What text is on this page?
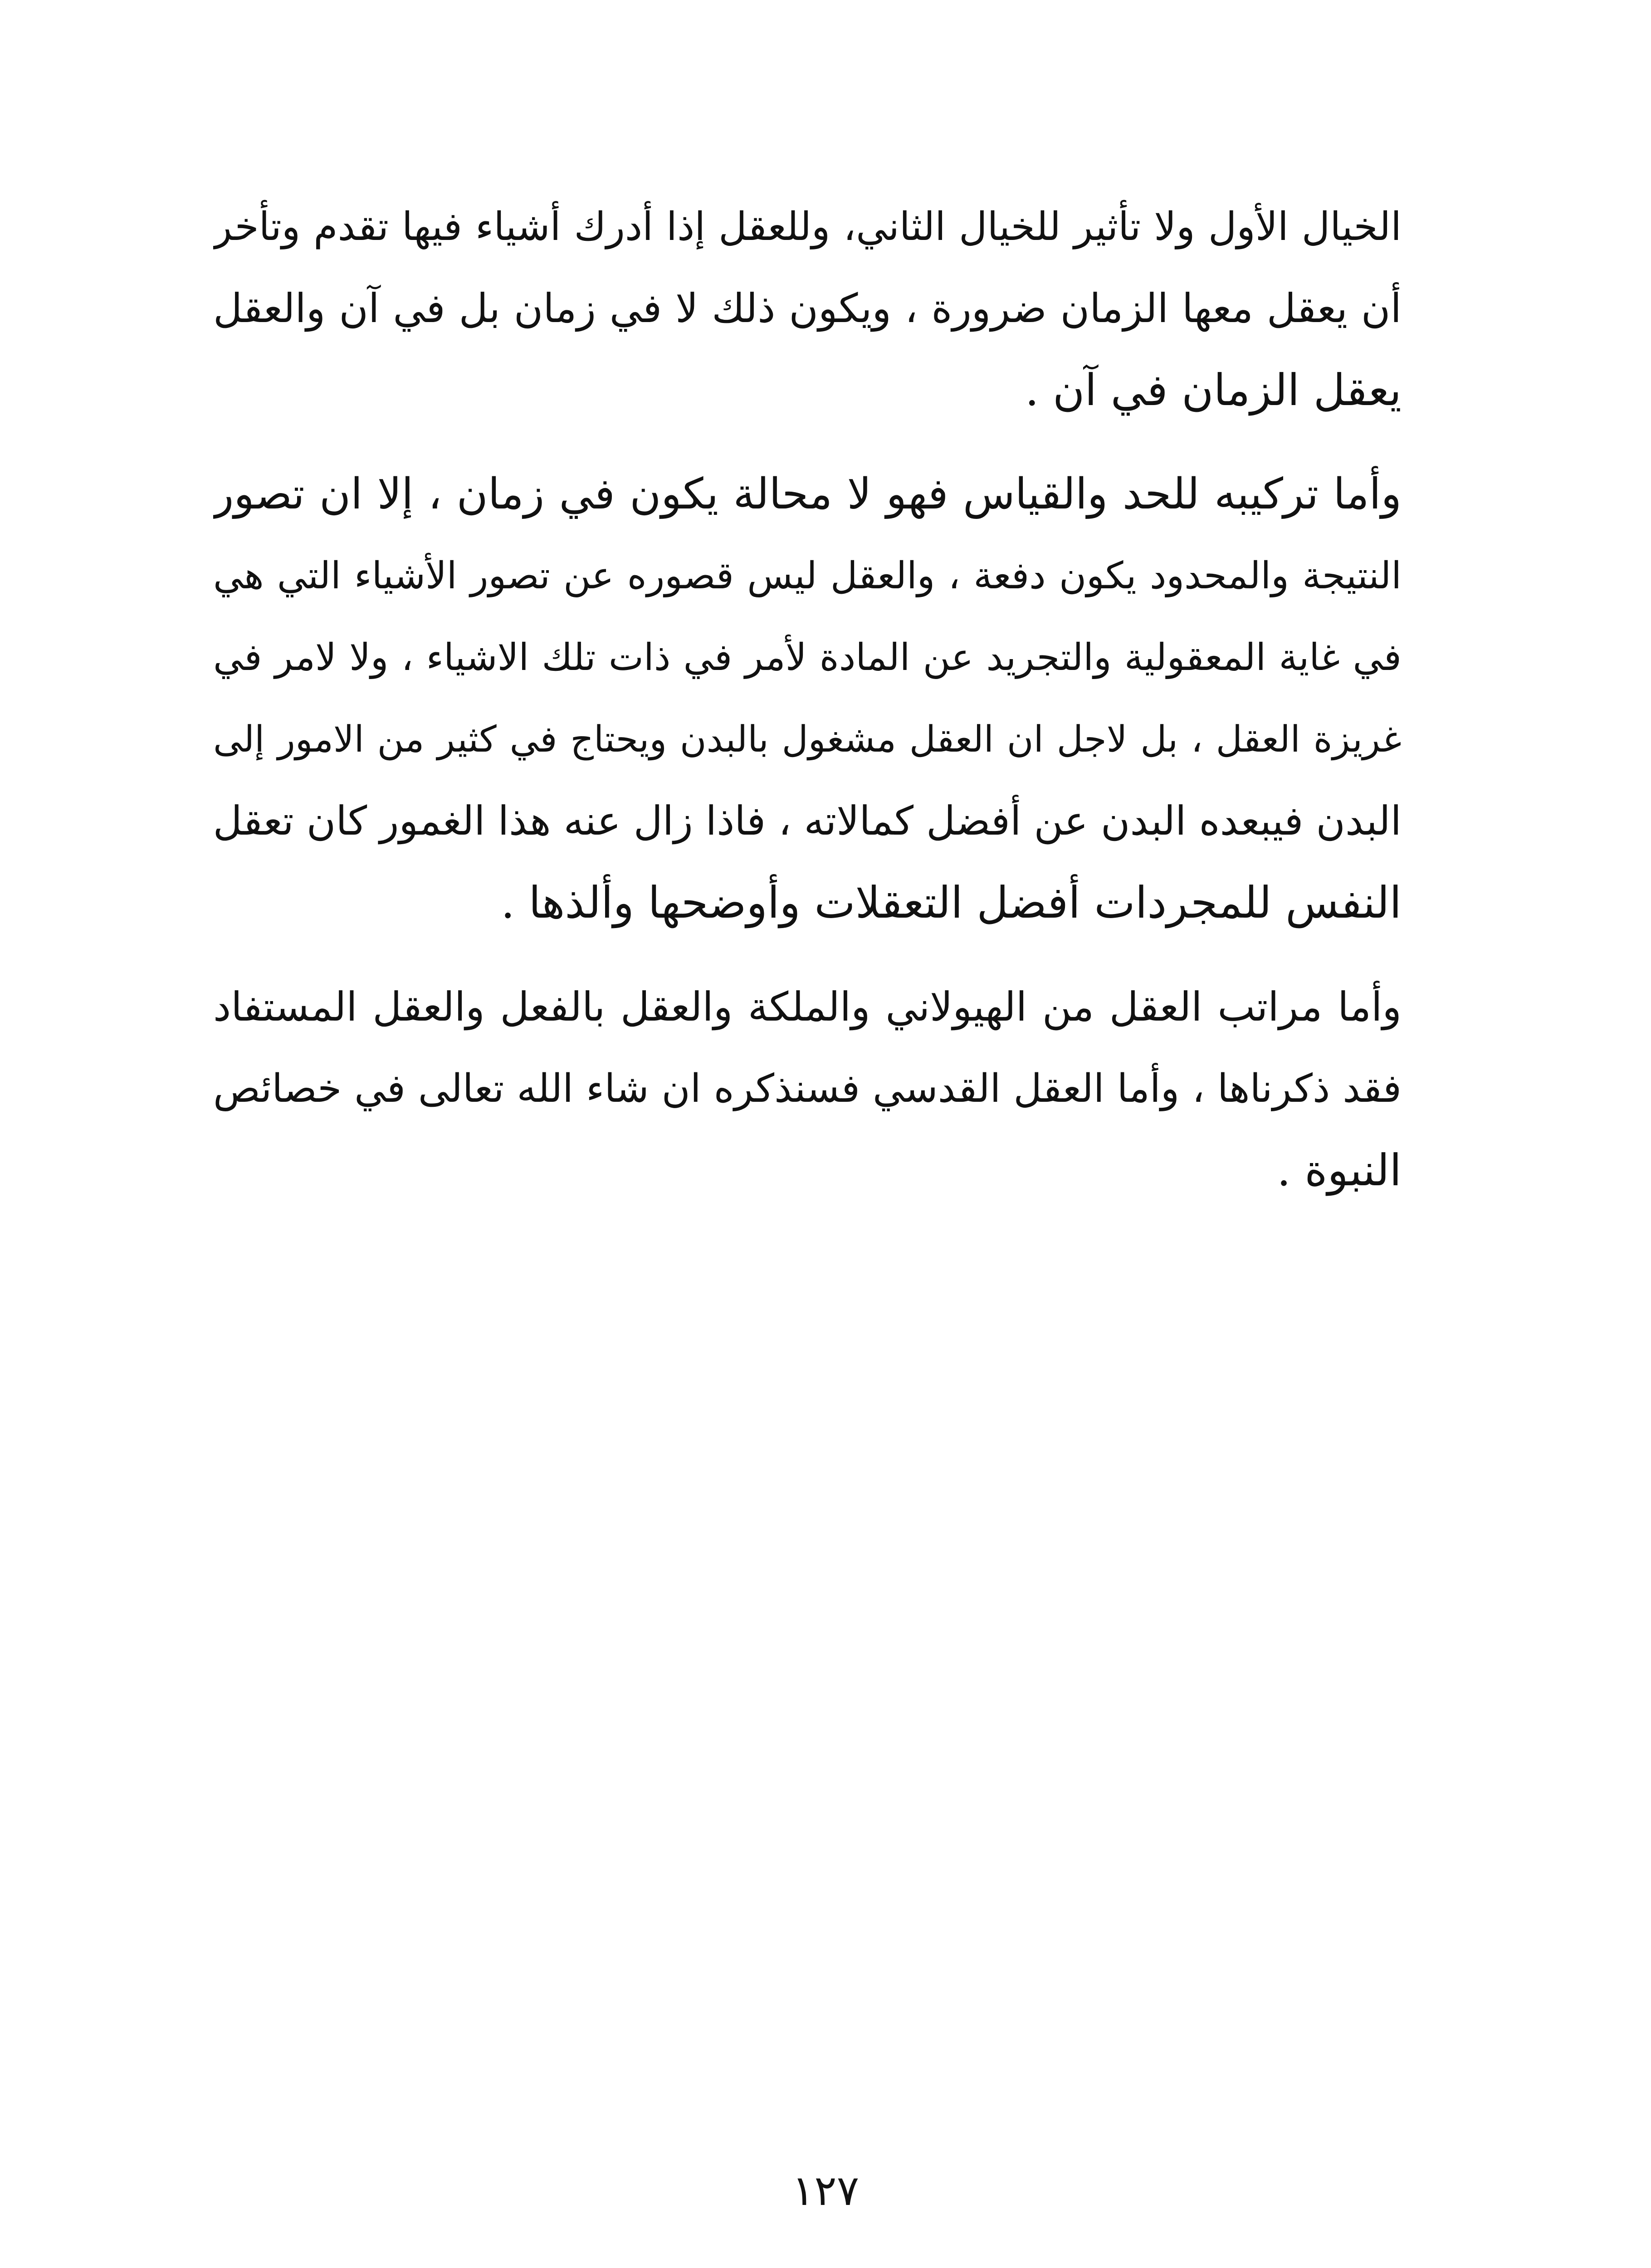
الخيال الأول ولا تأثير للخيال الثاني، وللعقل إذا أدرك أشياء فيها تقدم وتأخر
أن يعقل معها الزمان ضرورة ، ويكون ذلك لا في زمان بل في آن والعقل
يعقل الزمان في آن .
وأما تركيبه للحد والقياس فهو لا محالة يكون في زمان ، إلا ان تصور
النتيجة والمحدود يكون دفعة ، والعقل ليس قصوره عن تصور الأشياء التي هي
في غاية المعقولية والتجريد عن المادة لأمر في ذات تلك الاشياء ، ولا لامر في
غريزة العقل ، بل لاجل ان العقل مشغول بالبدن ويحتاج في كثير من الامور إلى
البدن فيبعده البدن عن أفضل كمالاته ، فاذا زال عنه هذا الغمور كان تعقل
النفس للمجردات أفضل التعقلات وأوضحها وألذها .
وأما مراتب العقل من الهيولاني والملكة والعقل بالفعل والعقل المستفاد
فقد ذكرناها ، وأما العقل القدسي فسنذكره ان شاء الله تعالى في خصائص
النبوة .
١٢٧
